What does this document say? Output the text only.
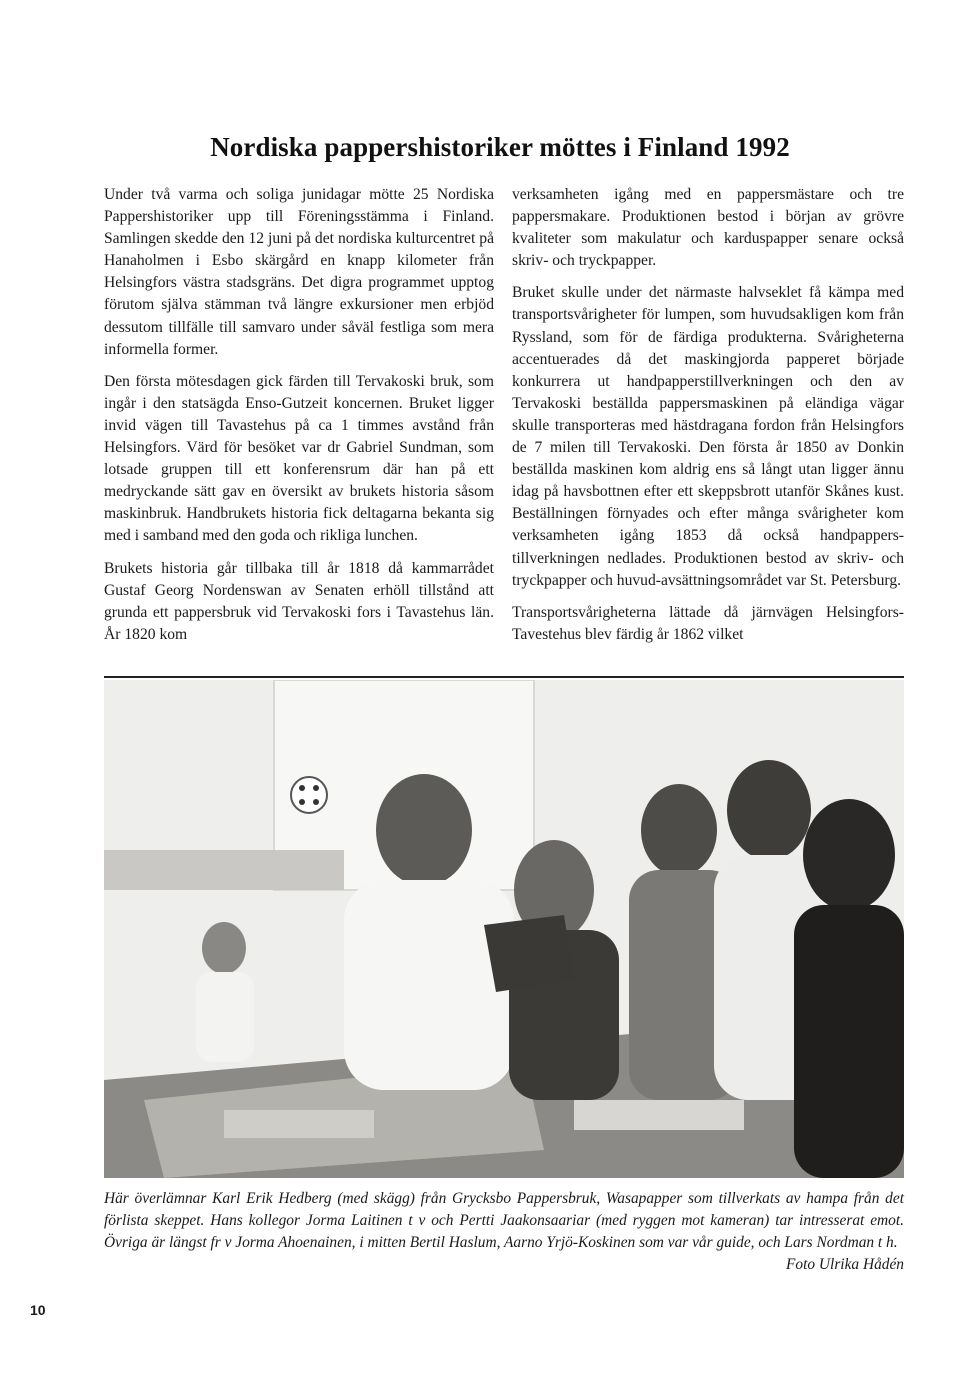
Nordiska pappershistoriker möttes i Finland 1992

Under två varma och soliga junidagar mötte 25 Nordiska Pappershistoriker upp till Föreningsstämma i Finland. Samlingen skedde den 12 juni på det nordiska kulturcentret på Hanaholmen i Esbo skärgård en knapp kilometer från Helsingfors västra stadsgräns. Det digra programmet upptog förutom själva stämman två längre exkursioner men erbjöd dessutom tillfälle till samvaro under såväl festliga som mera informella former.

Den första mötesdagen gick färden till Tervakoski bruk, som ingår i den statsägda Enso-Gutzeit koncernen. Bruket ligger invid vägen till Tavastehus på ca 1 timmes avstånd från Helsingfors. Värd för besöket var dr Gabriel Sundman, som lotsade gruppen till ett konferensrum där han på ett medryckande sätt gav en översikt av brukets historia såsom maskinbruk. Handbrukets historia fick deltagarna bekanta sig med i samband med den goda och rikliga lunchen.

Brukets historia går tillbaka till år 1818 då kammarrådet Gustaf Georg Nordenswan av Senaten erhöll tillstånd att grunda ett pappersbruk vid Tervakoski fors i Tavastehus län. År 1820 kom

verksamheten igång med en pappersmästare och tre pappersmakare. Produktionen bestod i början av grövre kvaliteter som makulatur och karduspapper senare också skriv- och tryckpapper.

Bruket skulle under det närmaste halvseklet få kämpa med transportsvårigheter för lumpen, som huvudsakligen kom från Ryssland, som för de färdiga produkterna. Svårigheterna accentuerades då det maskingjorda papperet började konkurrera ut handpapperstillverkningen och den av Tervakoski beställda pappersmaskinen på eländiga vägar skulle transporteras med hästdragana fordon från Helsingfors de 7 milen till Tervakoski. Den första år 1850 av Donkin beställda maskinen kom aldrig ens så långt utan ligger ännu idag på havsbottnen efter ett skeppsbrott utanför Skånes kust. Beställningen förnyades och efter många svårigheter kom verksamheten igång 1853 då också handpappers-tillverkningen nedlades. Produktionen bestod av skriv- och tryckpapper och huvud-avsättningsområdet var St. Petersburg.

Transportsvårigheterna lättade då järnvägen Helsingfors-Tavestehus blev färdig år 1862 vilket

Här överlämnar Karl Erik Hedberg (med skägg) från Grycksbo Pappersbruk, Wasapapper som tillverkats av hampa från det förlista skeppet. Hans kollegor Jorma Laitinen t v och Pertti Jaakonsaariar (med ryggen mot kameran) tar intresserat emot. Övriga är längst fr v Jorma Ahoenainen, i mitten Bertil Haslum, Aarno Yrjö-Koskinen som var vår guide, och Lars Nordman t h.
Foto Ulrika Hådén
10
